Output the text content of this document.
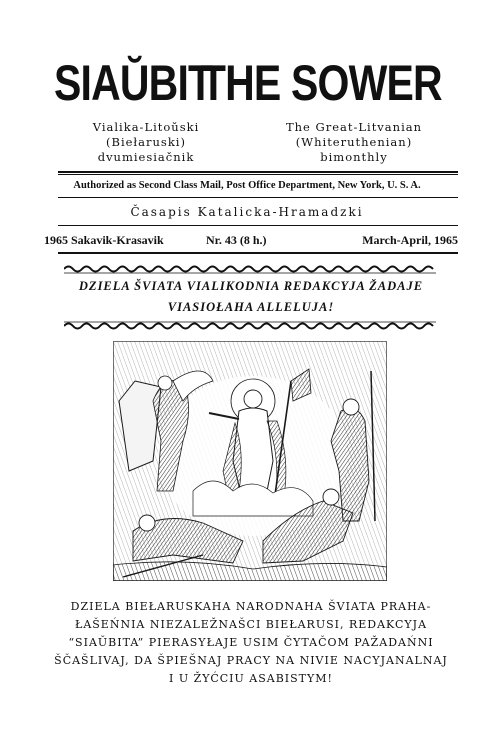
SIAŬBIT
THE SOWER
Vialika-Litoŭski
(Biełaruski)
dvumiesiačnik
The Great-Litvanian
(Whiteruthenian)
bimonthly
Authorized as Second Class Mail, Post Office Department, New York, U. S. A.
Časapis Katalicka-Hramadzki
1965 Sakavik-Krasavik	Nr. 43 (8 h.)	March-April, 1965
DZIELA ŠVIATA VIALIKODNIA REDAKCYJA ŽADAJE
VIASIOŁAHA ALLELUJA!
DZIELA BIEŁARUSKAHA NARODNAHA ŠVIATA PRAHA-
ŁAŠEŃNIA NIEZALEŽNAŠCI BIEŁARUSI, REDAKCYJA
“SIAŬBITA” PIERASYŁAJE USIM ČYTAČOM PAŽADAŃNI
ŠČAŠLIVAJ, DA ŠPIEŠNAJ PRACY NA NIVIE NACYJANALNAJ
I U ŽYĆCIU ASABISTYM!
